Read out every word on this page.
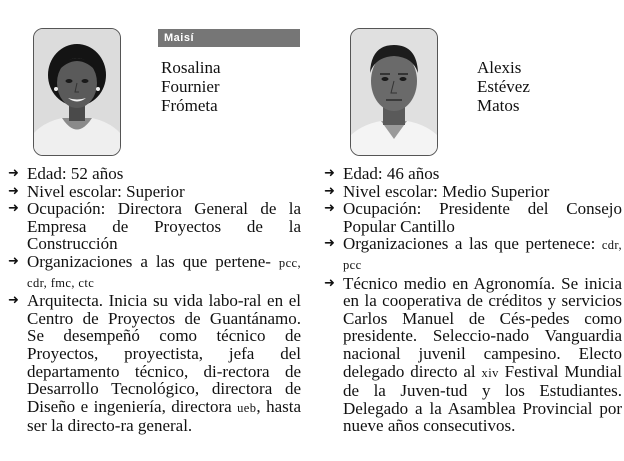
Maisí
Rosalina
Fournier
Frómeta
➜ Edad: 52 años
➜ Nivel escolar: Superior
➜ Ocupación: Directora General de la Empresa de Proyectos de la Construcción
➜ Organizaciones a las que pertene- pcc, cdr, fmc, ctc
➜ Arquitecta. Inicia su vida labo-ral en el Centro de Proyectos de Guantánamo. Se desempeñó como técnico de Proyectos, proyectista, jefa del departamento técnico, di-rectora de Desarrollo Tecnológico, directora de Diseño e ingeniería, directora ueb, hasta ser la directo-ra general.
Alexis
Estévez
Matos
➜ Edad: 46 años
➜ Nivel escolar: Medio Superior
➜ Ocupación: Presidente del Consejo Popular Cantillo
➜ Organizaciones a las que pertenece: cdr, pcc
➜ Técnico medio en Agronomía. Se inicia en la cooperativa de créditos y servicios Carlos Manuel de Cés-pedes como presidente. Seleccio-nado Vanguardia nacional juvenil campesino. Electo delegado directo al xiv Festival Mundial de la Juven-tud y los Estudiantes. Delegado a la Asamblea Provincial por nueve años consecutivos.
